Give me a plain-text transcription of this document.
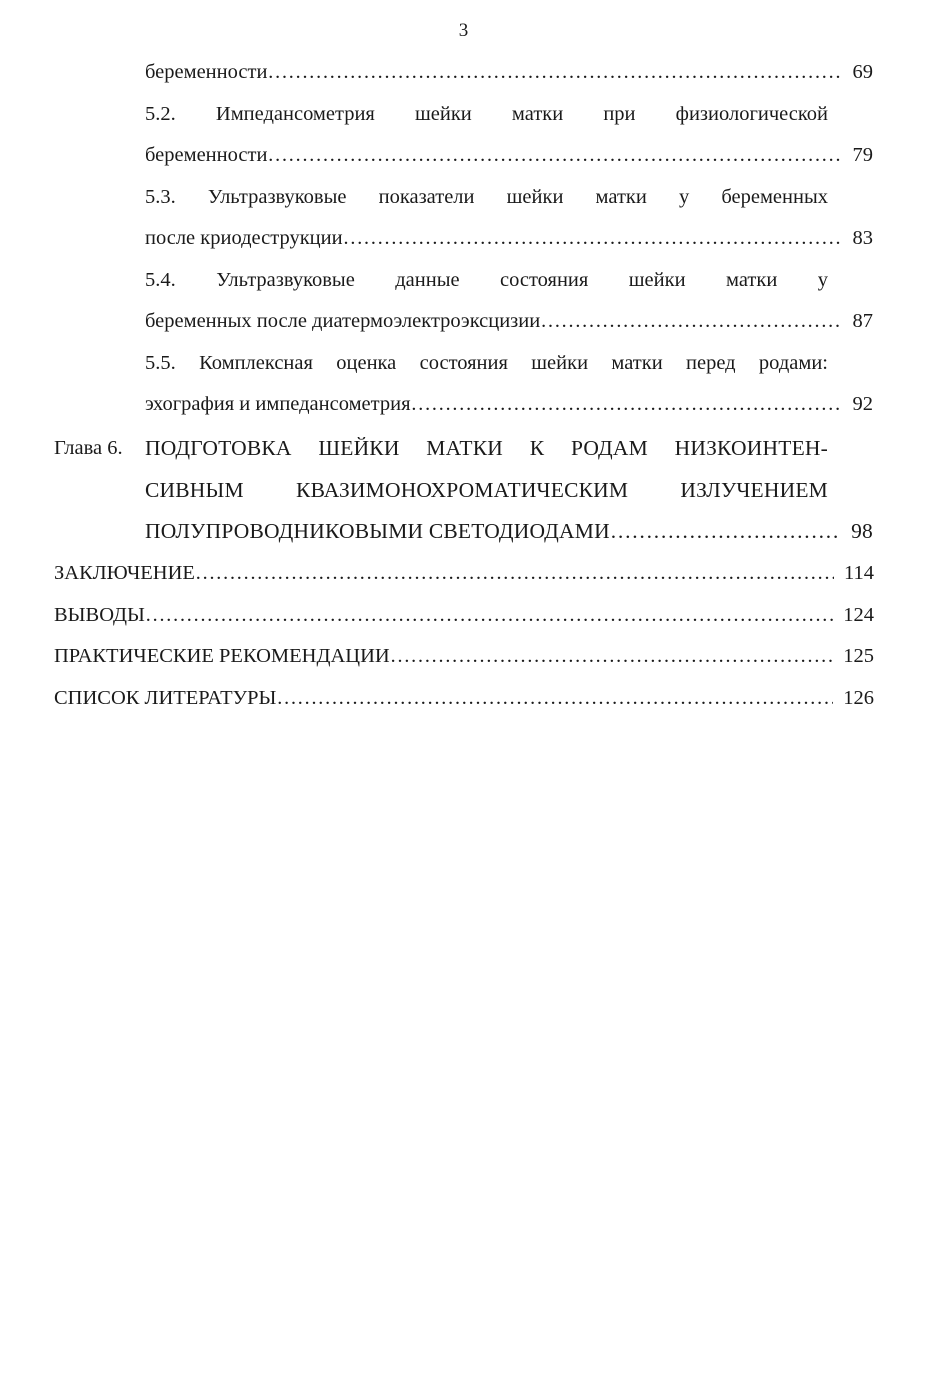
3
беременности …………………………………………………………………………………………………………………………………………	69
5.2. Импедансометрия шейки матки при физиологической
беременности …………………………………………………………………………………………………………………………………………	79
5.3. Ультразвуковые показатели шейки матки у беременных
после криодеструкции …………………………………………………………………………………………………………………………………………	83
5.4. Ультразвуковые данные состояния шейки матки у
беременных после диатермоэлектроэксцизии …………………………………………………………………………………………………………………………………………	87
5.5. Комплексная оценка состояния шейки матки перед родами:
эхография и импедансометрия …………………………………………………………………………………………………………………………………………	92
Глава 6. ПОДГОТОВКА ШЕЙКИ МАТКИ К РОДАМ НИЗКОИНТЕН-
СИВНЫМ КВАЗИМОНОХРОМАТИЧЕСКИМ ИЗЛУЧЕНИЕМ
ПОЛУПРОВОДНИКОВЫМИ СВЕТОДИОДАМИ …………………………………………………………………………………………………………………………………………	98
ЗАКЛЮЧЕНИЕ …………………………………………………………………………………………………………………………………………	114
ВЫВОДЫ …………………………………………………………………………………………………………………………………………	124
ПРАКТИЧЕСКИЕ РЕКОМЕНДАЦИИ …………………………………………………………………………………………………………………………………………	125
СПИСОК ЛИТЕРАТУРЫ …………………………………………………………………………………………………………………………………………	126
